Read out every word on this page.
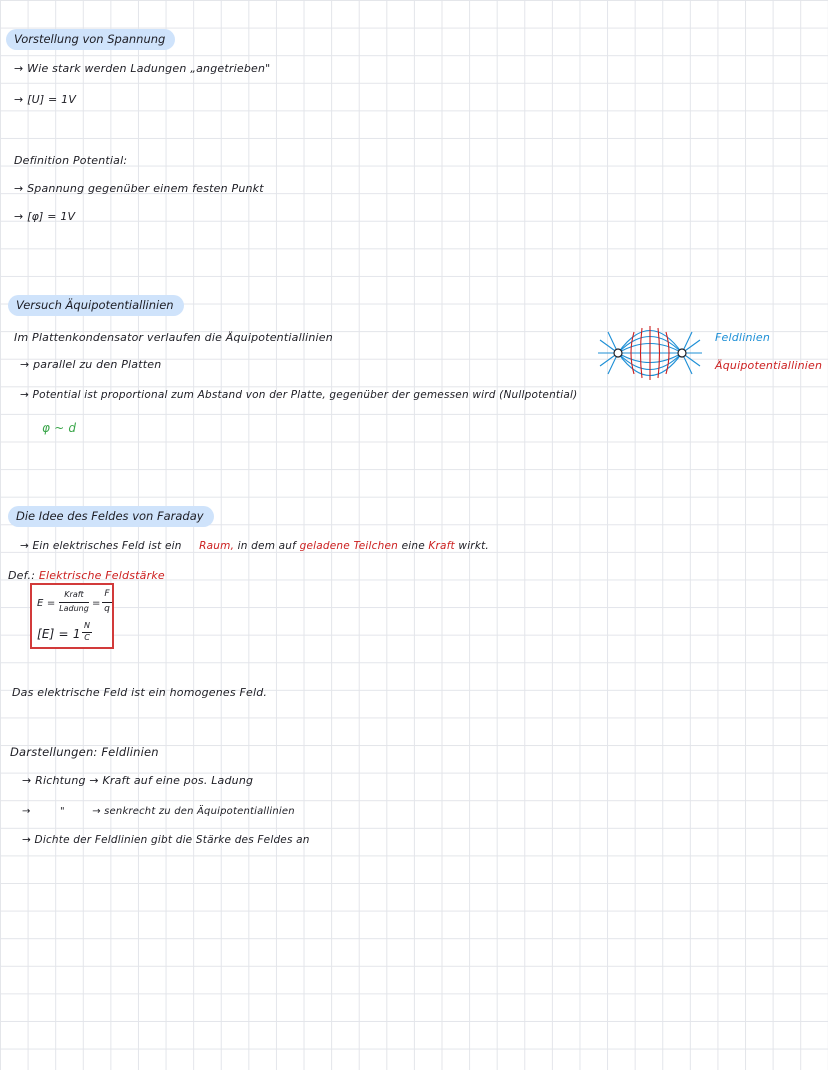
Vorstellung von Spannung
→ Wie stark werden Ladungen „angetrieben"
→ [U] = 1V
Definition Potential:
→ Spannung gegenüber einem festen Punkt
→ [φ] = 1V
Versuch Äquipotentiallinien
Im Plattenkondensator verlaufen die Äquipotentiallinien
→ parallel zu den Platten
→ Potential ist proportional zum Abstand von der Platte, gegenüber der gemessen wird (Nullpotential)
φ ~ d
Feldlinien
Äquipotentiallinien
Die Idee des Feldes von Faraday
→ Ein elektrisches Feld ist ein Raum, in dem auf geladene Teilchen eine Kraft wirkt.
Def.: Elektrische Feldstärke
E =
Kraft
Ladung =
F
q
[E] = 1
N
C
Das elektrische Feld ist ein homogenes Feld.
Darstellungen: Feldlinien
→ Richtung → Kraft auf eine pos. Ladung
→	"	→ senkrecht zu den Äquipotentiallinien
→ Dichte der Feldlinien gibt die Stärke des Feldes an
